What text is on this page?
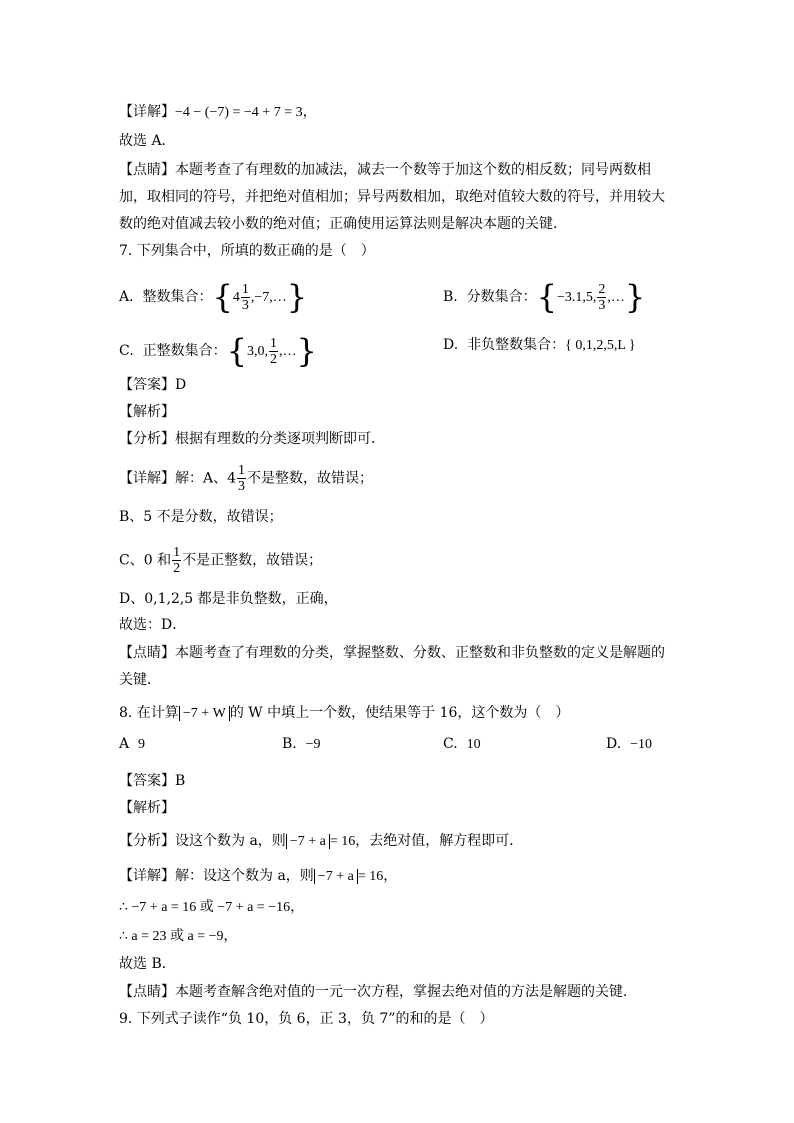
【详解】−4 − (−7) = −4 + 7 = 3，
故选 A．
【点睛】本题考查了有理数的加减法，减去一个数等于加这个数的相反数；同号两数相
加，取相同的符号，并把绝对值相加；异号两数相加，取绝对值较大数的符号，并用较大
数的绝对值减去较小数的绝对值；正确使用运算法则是解决本题的关键．
7. 下列集合中，所填的数正确的是（　）
A. 整数集合：{$4 \frac{1}{3}$ ,−7,…}	B. 分数集合：{−3.1,5, $\frac{2}{3}$ ,…}
C. 正整数集合：{3,0, $\frac{1}{2}$ ,…}	D. 非负整数集合：{ 0,1,2,5,L }
【答案】D
【解析】
【分析】根据有理数的分类逐项判断即可．
【详解】解：A、$4 \frac{1}{3}$ 不是整数，故错误；
B、5 不是分数，故错误；
C、0 和 $\frac{1}{2}$ 不是正整数，故错误；
D、0,1,2,5 都是非负整数，正确，
故选：D．
【点睛】本题考查了有理数的分类，掌握整数、分数、正整数和非负整数的定义是解题的
关键．
8. 在计算 −7 + W 的 W 中填上一个数，使结果等于 16，这个数为（　）
A 9	B. −9	C. 10	D. −10
【答案】B
【解析】
【分析】设这个数为 a，则 −7 + a = 16，去绝对值，解方程即可．
【详解】解：设这个数为 a，则 −7 + a = 16，
∴ −7 + a = 16 或 −7 + a = −16，
∴ a = 23 或 a = −9，
故选 B．
【点睛】本题考查解含绝对值的一元一次方程，掌握去绝对值的方法是解题的关键．
9. 下列式子读作“负 10，负 6，正 3，负 7”的和的是（　）
